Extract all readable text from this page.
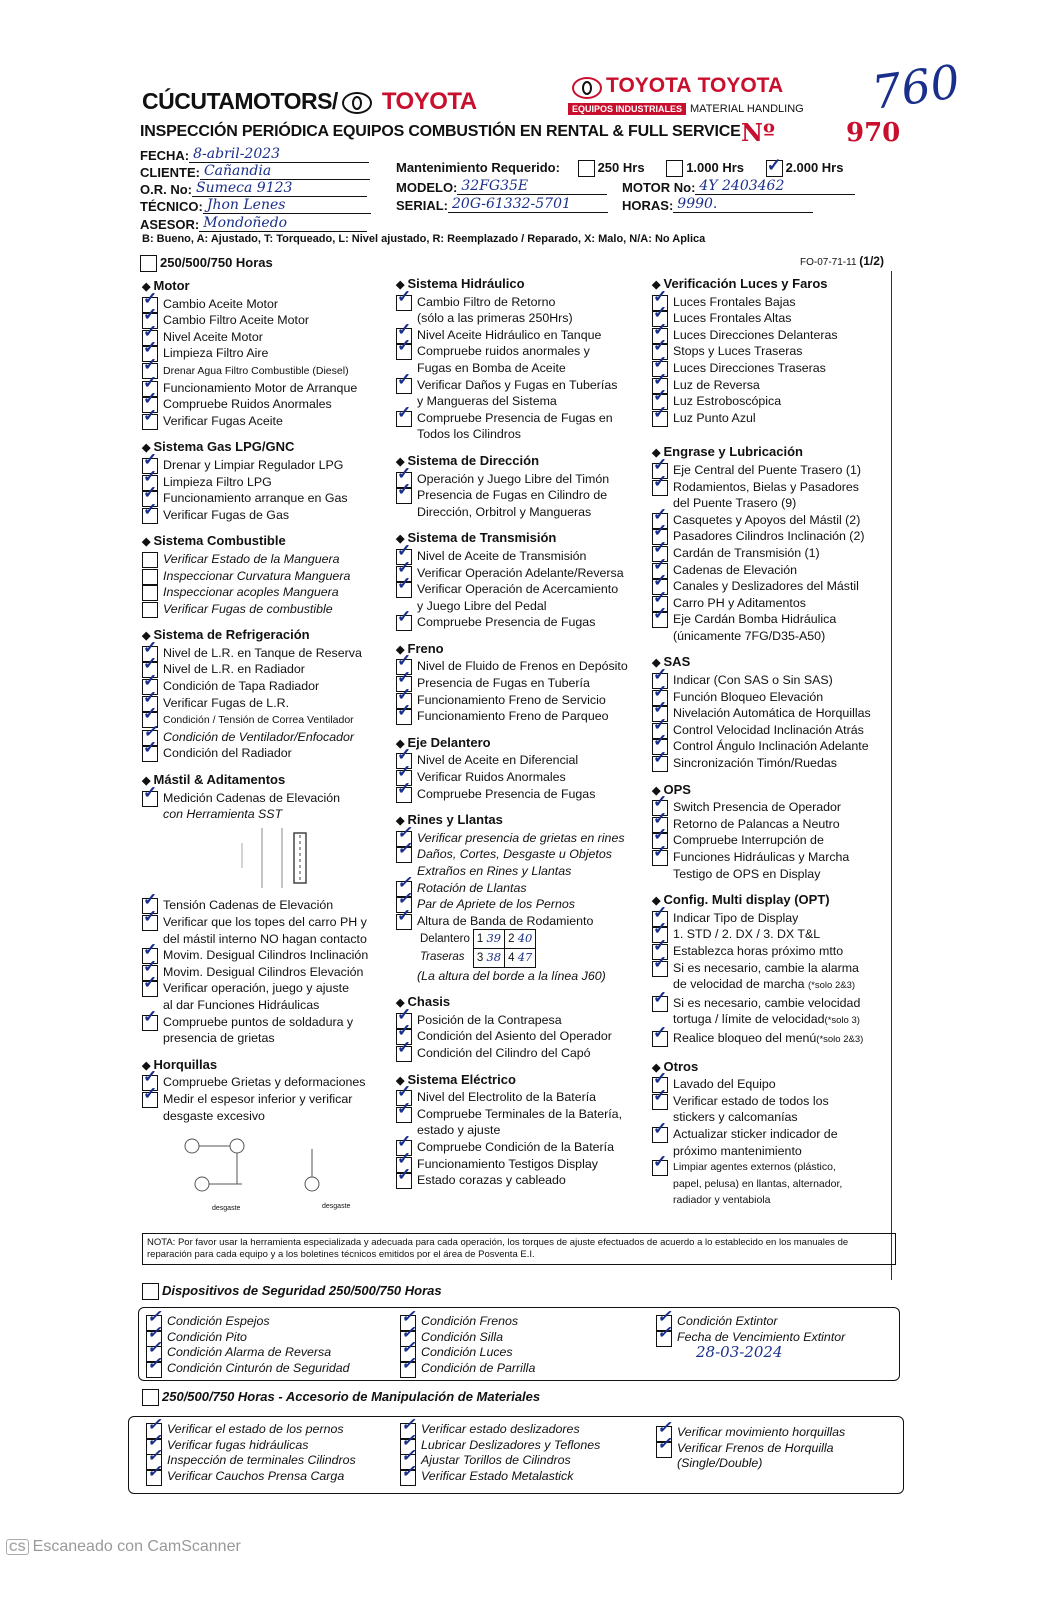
CÚCUTAMOTORS/ TOYOTA
TOYOTA TOYOTA
EQUIPOS INDUSTRIALES MATERIAL HANDLING 760
INSPECCIÓN PERIÓDICA EQUIPOS COMBUSTIÓN EN RENTAL & FULL SERVICE Nº	970
FECHA: 8-abril-2023
CLIENTE: Cañandia
O.R. No: Sumeca 9123
TÉCNICO: Jhon Lenes
ASESOR: Mondoñedo
Mantenimiento Requerido:	250 Hrs	1.000 Hrs ✓	2.000 Hrs
MODELO: 32FG35E	MOTOR No: 4Y 2403462
SERIAL: 20G-61332-5701	HORAS: 9990.
B: Bueno, A: Ajustado, T: Torqueado, L: Nivel ajustado, R: Reemplazado / Reparado, X: Malo, N/A: No Aplica
250/500/750 Horas	FO-07-71-11 (1/2)
◆ Motor
✓
Cambio Aceite Motor
✓
Cambio Filtro Aceite Motor
✓
Nivel Aceite Motor
✓
Limpieza Filtro Aire
✓
Drenar Agua Filtro Combustible (Diesel)
✓
Funcionamiento Motor de Arranque
✓
Compruebe Ruidos Anormales
✓
Verificar Fugas Aceite
◆ Sistema Gas LPG/GNC
✓
Drenar y Limpiar Regulador LPG
✓
Limpieza Filtro LPG
✓
Funcionamiento arranque en Gas
✓
Verificar Fugas de Gas
◆ Sistema Combustible
Verificar Estado de la Manguera
Inspeccionar Curvatura Manguera
Inspeccionar acoples Manguera
Verificar Fugas de combustible
◆ Sistema de Refrigeración
✓
Nivel de L.R. en Tanque de Reserva
✓
Nivel de L.R. en Radiador
✓
Condición de Tapa Radiador
✓
Verificar Fugas de L.R.
✓
Condición / Tensión de Correa Ventilador
✓
Condición de Ventilador/Enfocador
✓
Condición del Radiador
◆ Mástil & Aditamentos
✓
Medición Cadenas de Elevación
con Herramienta SST
✓
Tensión Cadenas de Elevación
✓
Verificar que los topes del carro PH y
del mástil interno NO hagan contacto
✓
Movim. Desigual Cilindros Inclinación
✓
Movim. Desigual Cilindros Elevación
✓
Verificar operación, juego y ajuste
al dar Funciones Hidráulicas
✓
Compruebe puntos de soldadura y
presencia de grietas
◆ Horquillas
✓
Compruebe Grietas y deformaciones
✓
Medir el espesor inferior y verificar
desgaste excesivo
desgaste	desgaste
◆ Sistema Hidráulico
✓
Cambio Filtro de Retorno
(sólo a las primeras 250Hrs)
✓
Nivel Aceite Hidráulico en Tanque
✓
Compruebe ruidos anormales y
Fugas en Bomba de Aceite
✓
Verificar Daños y Fugas en Tuberías
y Mangueras del Sistema
✓
Compruebe Presencia de Fugas en
Todos los Cilindros
◆ Sistema de Dirección
✓
Operación y Juego Libre del Timón
✓
Presencia de Fugas en Cilindro de
Dirección, Orbitrol y Mangueras
◆ Sistema de Transmisión
✓
Nivel de Aceite de Transmisión
✓
Verificar Operación Adelante/Reversa
✓
Verificar Operación de Acercamiento
y Juego Libre del Pedal
✓
Compruebe Presencia de Fugas
◆ Freno
✓
Nivel de Fluido de Frenos en Depósito
✓
Presencia de Fugas en Tubería
✓
Funcionamiento Freno de Servicio
✓
Funcionamiento Freno de Parqueo
◆ Eje Delantero
✓
Nivel de Aceite en Diferencial
✓
Verificar Ruidos Anormales
✓
Compruebe Presencia de Fugas
◆ Rines y Llantas
✓
Verificar presencia de grietas en rines
✓
Daños, Cortes, Desgaste u Objetos
Extraños en Rines y Llantas
✓
Rotación de Llantas
✓
Par de Apriete de los Pernos
✓
Altura de Banda de Rodamiento
Delantero	1 39	2 40
Traseras	3 38	4 47
(La altura del borde a la línea J60)
◆ Chasis
✓
Posición de la Contrapesa
✓
Condición del Asiento del Operador
✓
Condición del Cilindro del Capó
◆ Sistema Eléctrico
✓
Nivel del Electrolito de la Batería
✓
Compruebe Terminales de la Batería,
estado y ajuste
✓
Compruebe Condición de la Batería
✓
Funcionamiento Testigos Display
✓
Estado corazas y cableado
◆ Verificación Luces y Faros
✓
Luces Frontales Bajas
✓
Luces Frontales Altas
✓
Luces Direcciones Delanteras
✓
Stops y Luces Traseras
✓
Luces Direcciones Traseras
✓
Luz de Reversa
✓
Luz Estroboscópica
✓
Luz Punto Azul
◆ Engrase y Lubricación
✓
Eje Central del Puente Trasero (1)
✓
Rodamientos, Bielas y Pasadores
del Puente Trasero (9)
✓
Casquetes y Apoyos del Mástil (2)
✓
Pasadores Cilindros Inclinación (2)
✓
Cardán de Transmisión (1)
✓
Cadenas de Elevación
✓
Canales y Deslizadores del Mástil
✓
Carro PH y Aditamentos
✓
Eje Cardán Bomba Hidráulica
(únicamente 7FG/D35-A50)
◆ SAS
✓
Indicar (Con SAS o Sin SAS)
✓
Función Bloqueo Elevación
✓
Nivelación Automática de Horquillas
✓
Control Velocidad Inclinación Atrás
✓
Control Ángulo Inclinación Adelante
✓
Sincronización Timón/Ruedas
◆ OPS
✓
Switch Presencia de Operador
✓
Retorno de Palancas a Neutro
✓
Compruebe Interrupción de
✓
Funciones Hidráulicas y Marcha
Testigo de OPS en Display
◆ Config. Multi display (OPT)
✓
Indicar Tipo de Display
✓
1. STD / 2. DX / 3. DX T&L
✓
Establezca horas próximo mtto
✓
Si es necesario, cambie la alarma
de velocidad de marcha (*solo 2&3)
✓
Si es necesario, cambie velocidad
tortuga / límite de velocidad(*solo 3)
✓
Realice bloqueo del menú(*solo 2&3)
◆ Otros
✓
Lavado del Equipo
✓
Verificar estado de todos los
stickers y calcomanías
✓
Actualizar sticker indicador de
próximo mantenimiento
✓
Limpiar agentes externos (plástico,
papel, pelusa) en llantas, alternador,
radiador y ventabiola
NOTA: Por favor usar la herramienta especializada y adecuada para cada operación, los torques de ajuste efectuados de acuerdo a lo establecido en los manuales de reparación para cada equipo y a los boletines técnicos emitidos por el área de Posventa E.I.
Dispositivos de Seguridad 250/500/750 Horas
✓
Condición Espejos
✓
Condición Pito
✓
Condición Alarma de Reversa
✓
Condición Cinturón de Seguridad
✓
Condición Frenos
✓
Condición Silla
✓
Condición Luces
✓
Condición de Parrilla
✓
Condición Extintor
✓
Fecha de Vencimiento Extintor
28-03-2024
250/500/750 Horas - Accesorio de Manipulación de Materiales
✓
Verificar el estado de los pernos
✓
Verificar fugas hidráulicas
✓
Inspección de terminales Cilindros
✓
Verificar Cauchos Prensa Carga
✓
Verificar estado deslizadores
✓
Lubricar Deslizadores y Teflones
✓
Ajustar Torillos de Cilindros
✓
Verificar Estado Metalastick
✓
Verificar movimiento horquillas
✓
Verificar Frenos de Horquilla
(Single/Double)
CS Escaneado con CamScanner
